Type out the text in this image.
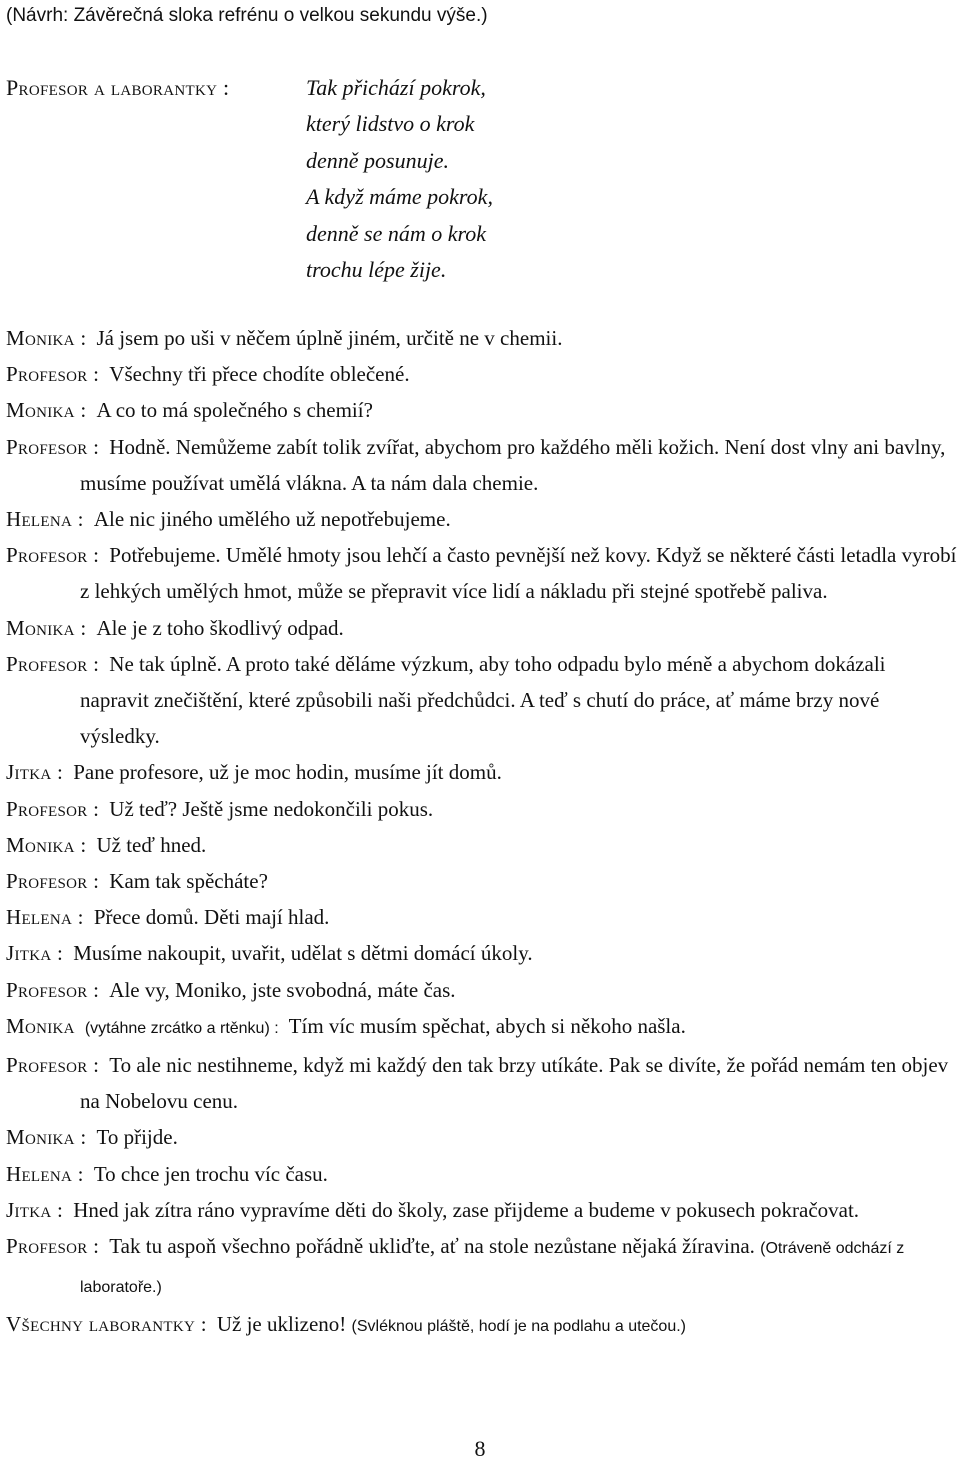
(Návrh: Závěrečná sloka refrénu o velkou sekundu výše.)
Profesor a laborantky :	Tak přichází pokrok,
který lidstvo o krok
denně posunuje.
A když máme pokrok,
denně se nám o krok
trochu lépe žije.

Monika : Já jsem po uši v něčem úplně jiném, určitě ne v chemii.

Profesor : Všechny tři přece chodíte oblečené.

Monika : A co to má společného s chemií?

Profesor : Hodně. Nemůžeme zabít tolik zvířat, abychom pro každého měli kožich. Není dost vlny ani bavlny, musíme používat umělá vlákna. A ta nám dala chemie.

Helena : Ale nic jiného umělého už nepotřebujeme.

Profesor : Potřebujeme. Umělé hmoty jsou lehčí a často pevnější než kovy. Když se některé části letadla vyrobí z lehkých umělých hmot, může se přepravit více lidí a nákladu při stejné spotřebě paliva.

Monika : Ale je z toho škodlivý odpad.

Profesor : Ne tak úplně. A proto také děláme výzkum, aby toho odpadu bylo méně a abychom dokázali napravit znečištění, které způsobili naši předchůdci. A teď s chutí do práce, ať máme brzy nové výsledky.

Jitka : Pane profesore, už je moc hodin, musíme jít domů.

Profesor : Už teď? Ještě jsme nedokončili pokus.

Monika : Už teď hned.

Profesor : Kam tak spěcháte?

Helena : Přece domů. Děti mají hlad.

Jitka : Musíme nakoupit, uvařit, udělat s dětmi domácí úkoly.

Profesor : Ale vy, Moniko, jste svobodná, máte čas.

Monika (vytáhne zrcátko a rtěnku) : Tím víc musím spěchat, abych si někoho našla.

Profesor : To ale nic nestihneme, když mi každý den tak brzy utíkáte. Pak se divíte, že pořád nemám ten objev na Nobelovu cenu.

Monika : To přijde.

Helena : To chce jen trochu víc času.

Jitka : Hned jak zítra ráno vypravíme děti do školy, zase přijdeme a budeme v pokusech pokračovat.

Profesor : Tak tu aspoň všechno pořádně ukliďte, ať na stole nezůstane nějaká žíravina. (Otráveně odchází z laboratoře.)

Všechny laborantky : Už je uklizeno! (Svléknou pláště, hodí je na podlahu a utečou.)

8
